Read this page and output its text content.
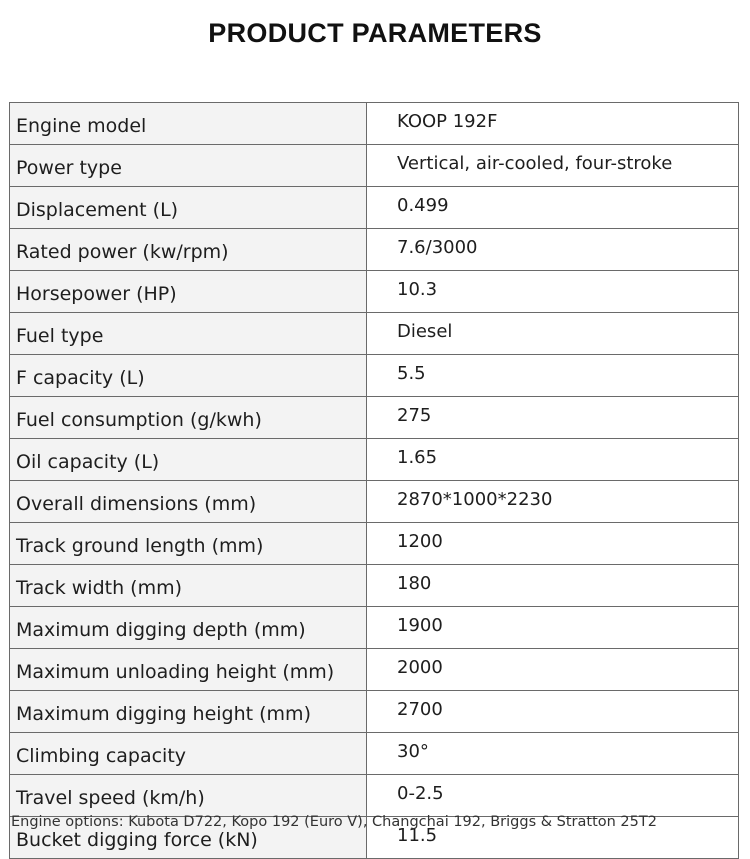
PRODUCT PARAMETERS
Engine model	KOOP 192F
Power type	Vertical, air-cooled, four-stroke
Displacement (L)	0.499
Rated power (kw/rpm)	7.6/3000
Horsepower (HP)	10.3
Fuel type	Diesel
F capacity (L)	5.5
Fuel consumption (g/kwh)	275
Oil capacity (L)	1.65
Overall dimensions (mm)	2870*1000*2230
Track ground length (mm)	1200
Track width (mm)	180
Maximum digging depth (mm)	1900
Maximum unloading height (mm)	2000
Maximum digging height (mm)	2700
Climbing capacity	30°
Travel speed (km/h)	0-2.5
Bucket digging force (kN)	11.5
Engine options: Kubota D722, Kopo 192 (Euro V), Changchai 192, Briggs & Stratton 25T2
